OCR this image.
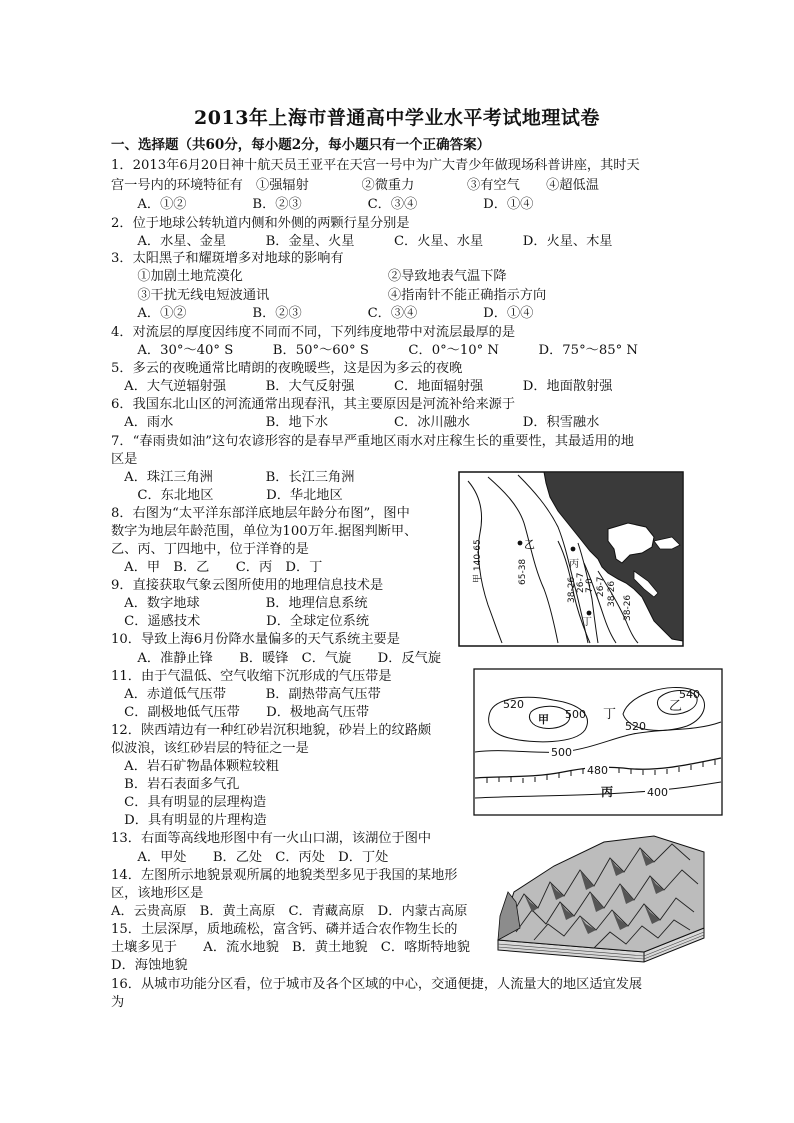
2013年上海市普通高中学业水平考试地理试卷
一、选择题（共60分，每小题2分，每小题只有一个正确答案）
1．2013年6月20日神十航天员王亚平在天宫一号中为广大青少年做现场科普讲座，其时天
宫一号内的环境特征有　①强辐射　　　　②微重力　　　　③有空气　　④超低温
　　A．①②　　　　　B．②③　　　　　C．③④　　　　　D．①④
2．位于地球公转轨道内侧和外侧的两颗行星分别是
　　A．水星、金星　　　B．金星、火星　　　C．火星、水星　　　D．火星、木星
3．太阳黑子和耀斑增多对地球的影响有
　　①加剧土地荒漠化　　　　　　　　　　　②导致地表气温下降
　　③干扰无线电短波通讯　　　　　　　　　④指南针不能正确指示方向
　　A．①②　　　　　B．②③　　　　　C．③④　　　　　D．①④
4．对流层的厚度因纬度不同而不同，下列纬度地带中对流层最厚的是
　　A．30°～40° S　　　B．50°～60° S　　　C．0°～10° N　　　D．75°～85° N
5．多云的夜晚通常比晴朗的夜晚暖些，这是因为多云的夜晚
　A．大气逆辐射强　　　B．大气反射强　　　C．地面辐射强　　　D．地面散射强
6．我国东北山区的河流通常出现春汛，其主要原因是河流补给来源于
　A．雨水　　　　　　　B．地下水　　　　　C．冰川融水　　　　D．积雪融水
7．“春雨贵如油”这句农谚形容的是春早严重地区雨水对庄稼生长的重要性，其最适用的地
区是
　A．珠江三角洲　　　　B．长江三角洲
　　C．东北地区　　　　D．华北地区
8．右图为“太平洋东部洋底地层年龄分布图”，图中
数字为地层年龄范围，单位为100万年.据图判断甲、
乙、丙、丁四地中，位于洋脊的是
　A．甲　B．乙　　C．丙　D．丁
9．直接获取气象云图所使用的地理信息技术是
　A．数字地球　　　　　B．地理信息系统
　C．遥感技术　　　　　D．全球定位系统
10．导致上海6月份降水量偏多的天气系统主要是
　　A．准静止锋　　B．暖锋　C．气旋　　D．反气旋
11．由于气温低、空气收缩下沉形成的气压带是
　A．赤道低气压带　　　B．副热带高气压带
　C．副极地低气压带　　D．极地高气压带
12．陕西靖边有一种红砂岩沉积地貌，砂岩上的纹路颇
似波浪，该红砂岩层的特征之一是
　A．岩石矿物晶体颗粒较粗
　B．岩石表面多气孔
　C．具有明显的层理构造
　D．具有明显的片理构造
13．右面等高线地形图中有一火山口湖，该湖位于图中
　　A．甲处　　B．乙处　C．丙处　D．丁处
14．左图所示地貌景观所属的地貌类型多见于我国的某地形
区，该地形区是
A．云贵高原　B．黄土高原　C．青藏高原　D．内蒙古高原
15．土层深厚，质地疏松，富含钙、磷并适合农作物生长的
土壤多见于　　A．流水地貌　B．黄土地貌　C．喀斯特地貌
D．海蚀地貌
16．从城市功能分区看，位于城市及各个区域的中心，交通便捷，人流量大的地区适宜发展
为
甲 140-65	乙
65-38	丙
38-26 26-7 7-0 26-7
丁
38-26
38-26
520
甲 500 丁
540
乙
520
500
480
丙	400
